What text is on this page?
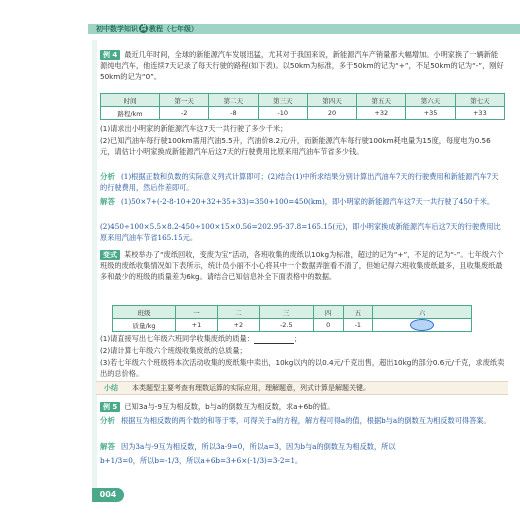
初中数学知识 点 教程（七年级）
例 4 最近几年时间，全球的新能源汽车发展迅猛，尤其对于我国来说，新能源汽车产销量都大幅增加。小明家换了一辆新能源纯电汽车，他连续7天记录了每天行驶的路程(如下表)。以50km为标准，多于50km的记为“+”，不足50km的记为“-”，刚好50km的记为“0”。
时间	第一天	第二天	第三天	第四天	第五天	第六天	第七天
路程/km	-2	-8	-10	20	+32	+35	+33
(1)请求出小明家的新能源汽车这7天一共行驶了多少千米；
(2)已知汽油车每行驶100km需用汽油5.5升，汽油价8.2元/升，而新能源汽车每行驶100km耗电量为15度，每度电为0.56元，请估计小明家换成新能源汽车后这7天的行驶费用比原来用汽油车节省多少钱。
分析 (1)根据正数和负数的实际意义列式计算即可；(2)结合(1)中所求结果分别计算出汽油车7天的行驶费用和新能源汽车7天的行驶费用，然后作差即可。
解答 (1)50×7+(-2-8-10+20+32+35+33)=350+100=450(km)，即小明家的新能源汽车这7天一共行驶了450千米。
(2)450÷100×5.5×8.2-450÷100×15×0.56=202.95-37.8=165.15(元)，即小明家换成新能源汽车后这7天的行驶费用比原来用汽油车节省165.15元。
变式 某校举办了“废纸回收，变废为宝”活动，各班收集的废纸以10kg为标准，超过的记为“+”，不足的记为“-”。七年级六个班级的废纸收集情况如下表所示，统计员小丽不小心将其中一个数据弄脏看不清了，但她记得六班收集废纸最多，且收集废纸最多和最少的班级的质量差为6kg。请结合已知信息补全下面表格中的数据。
班级	一	二	三	四	五	六
质量/kg	+1	+2	-2.5	0	-1	
(1)请直接写出七年级六班同学收集废纸的质量：	；
(2)请计算七年级六个班级收集废纸的总质量；
(3)若七年级六个班级将本次活动收集的废纸集中卖出，10kg以内的以0.4元/千克出售，超出10kg的部分0.6元/千克，求废纸卖出的总价格。
小结 本类题型主要考查有理数运算的实际应用，理解题意，列式计算是解题关键。
例 5 已知3a与-9互为相反数，b与a的倒数互为相反数，求a+6b的值。
分析 根据互为相反数的两个数的和等于零，可得关于a的方程，解方程可得a的值，根据b与a的倒数互为相反数可得答案。
解答 因为3a与-9互为相反数，所以3a-9=0，所以a=3，因为b与a的倒数互为相反数，所以
b+1/3=0，所以b=-1/3，所以a+6b=3+6×(-1/3)=3-2=1。
004
